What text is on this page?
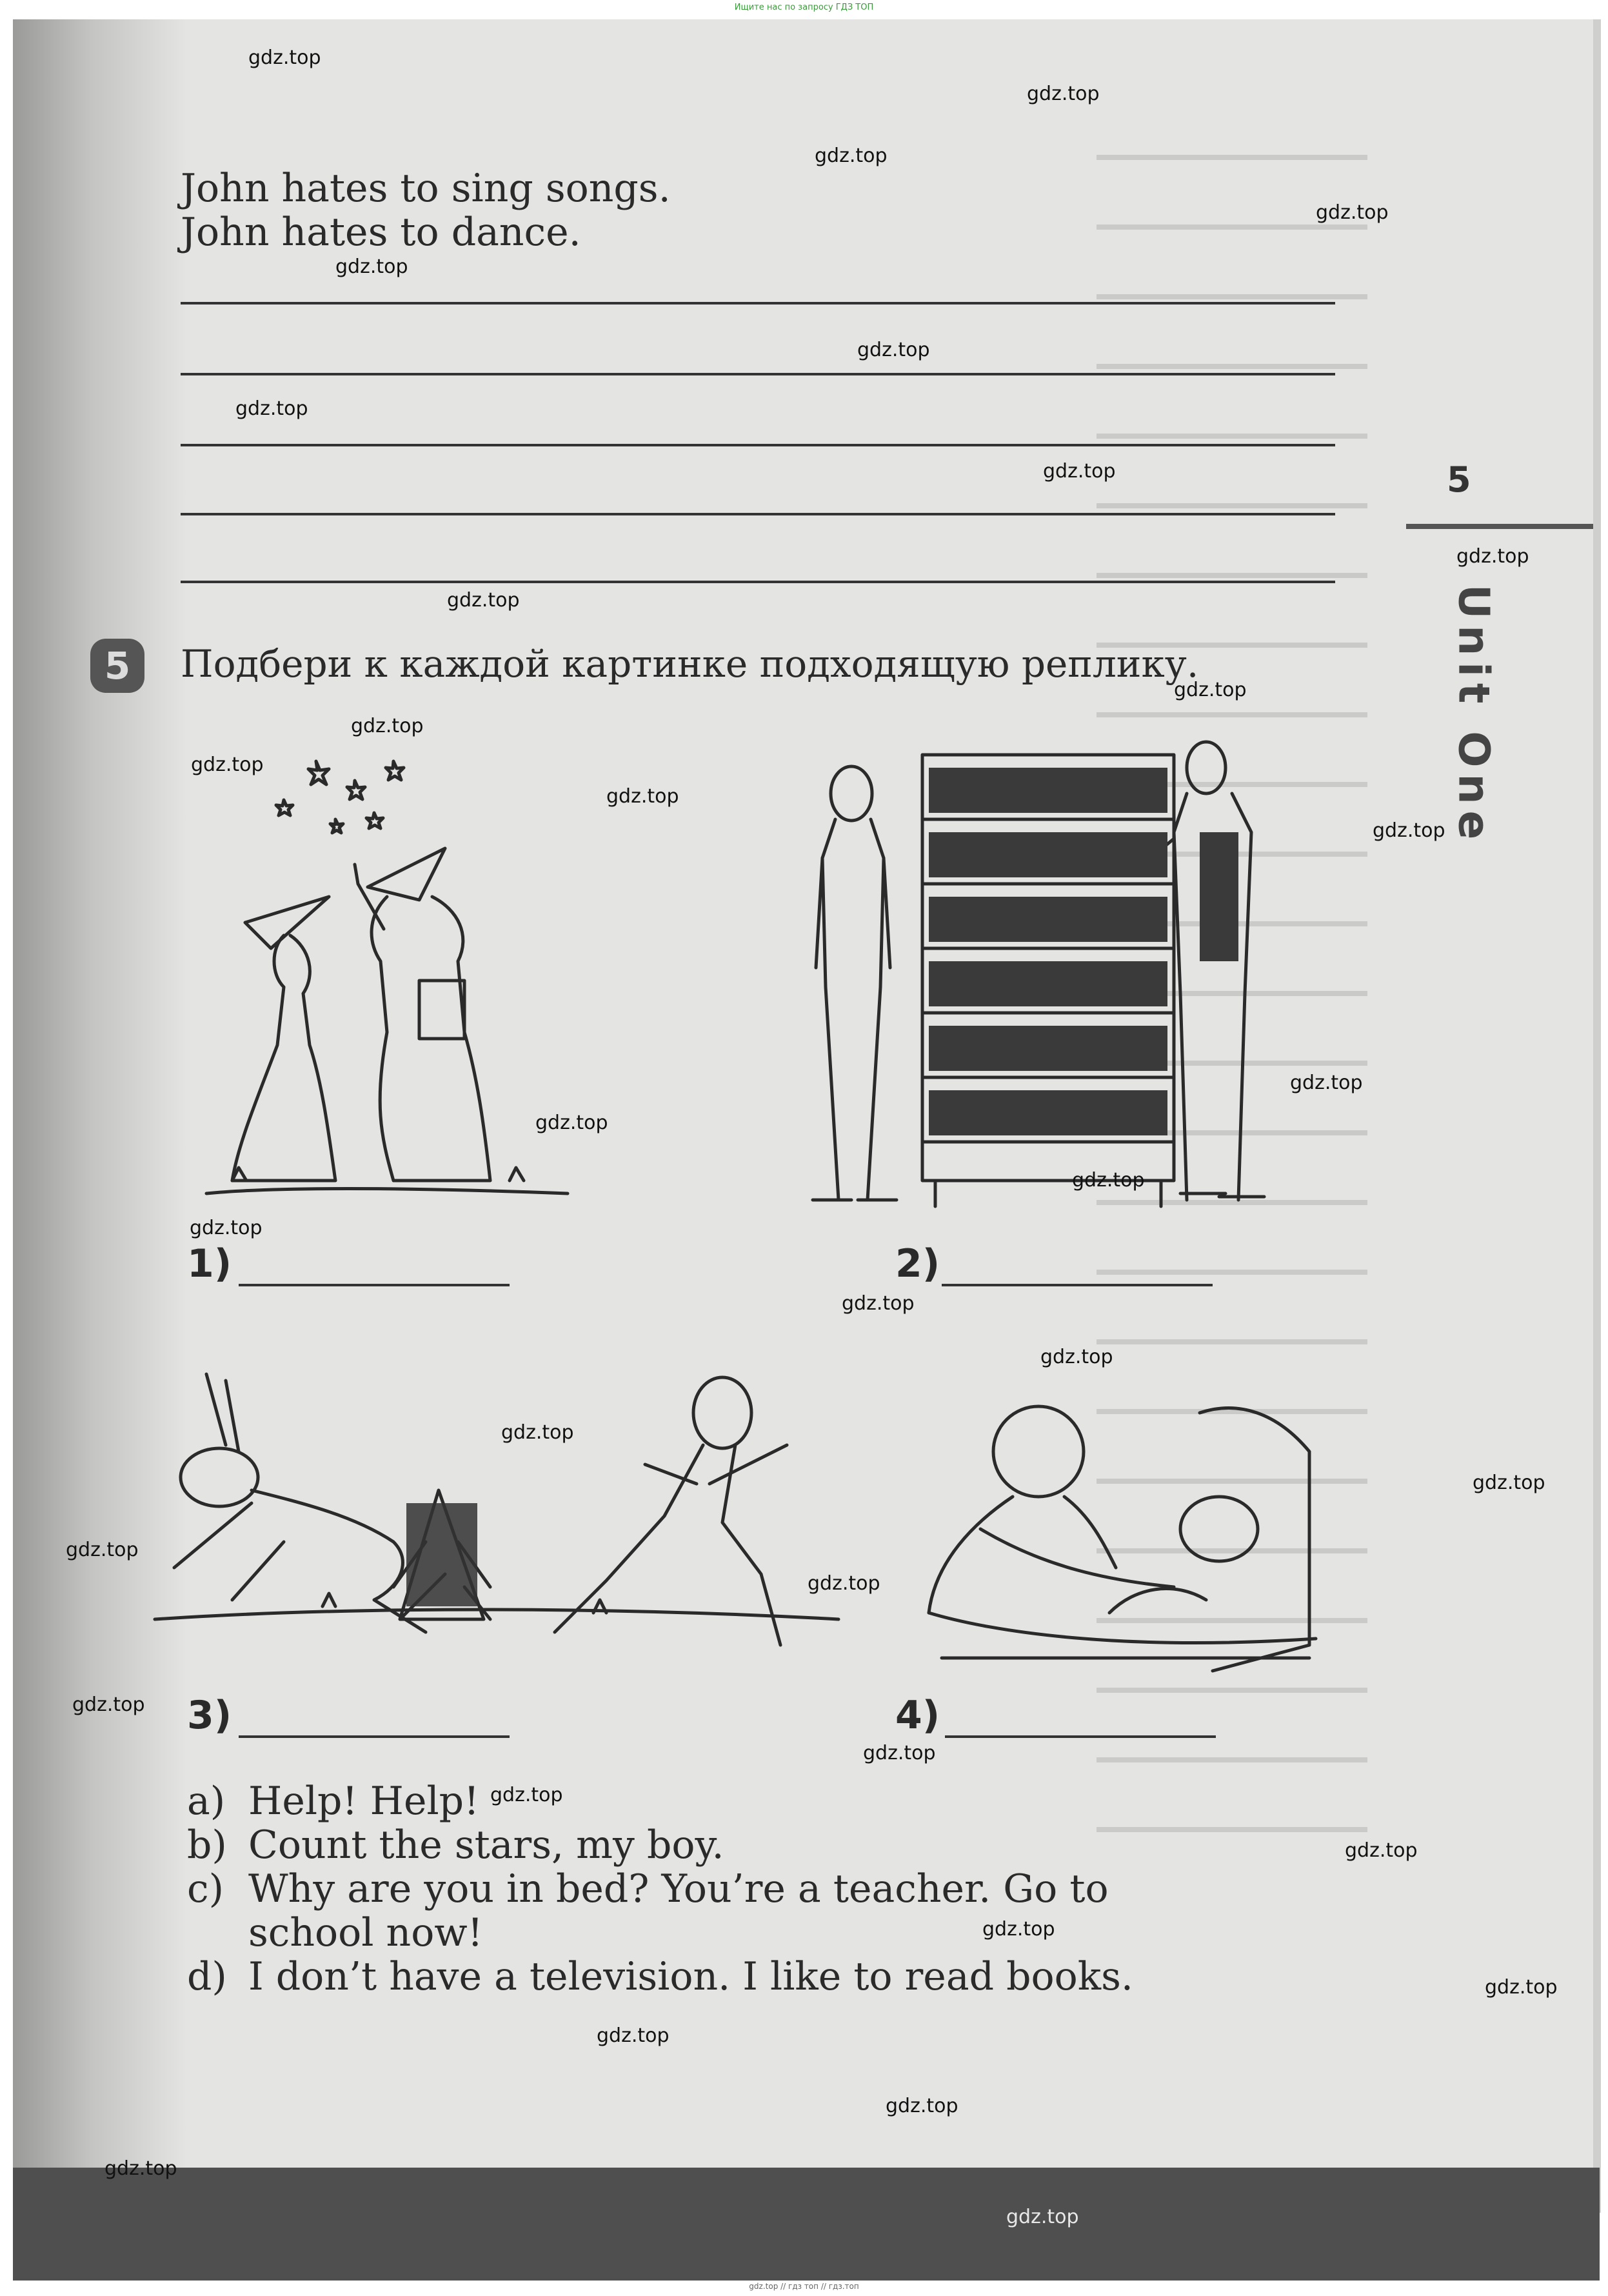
Ищите нас по запросу ГДЗ ТОП
5
Unit One
John hates to sing songs.
John hates to dance.
5	Подбери к каждой картинке подходящую реплику.
1)	2)
3)	4)
a) Help! Help!
b) Count the stars, my boy.
c) Why are you in bed? You’re a teacher. Go to
school now!
d) I don’t have a television. I like to read books.
gdz.top
gdz.top
gdz.top
gdz.top
gdz.top
gdz.top
gdz.top
gdz.top
gdz.top
gdz.top
gdz.top
gdz.top
gdz.top
gdz.top
gdz.top
gdz.top
gdz.top
gdz.top
gdz.top
gdz.top
gdz.top
gdz.top
gdz.top
gdz.top
gdz.top
gdz.top
gdz.top
gdz.top
gdz.top
gdz.top
gdz.top
gdz.top
gdz.top
gdz.top
gdz.top
gdz.top // гдз топ // гдз.топ
